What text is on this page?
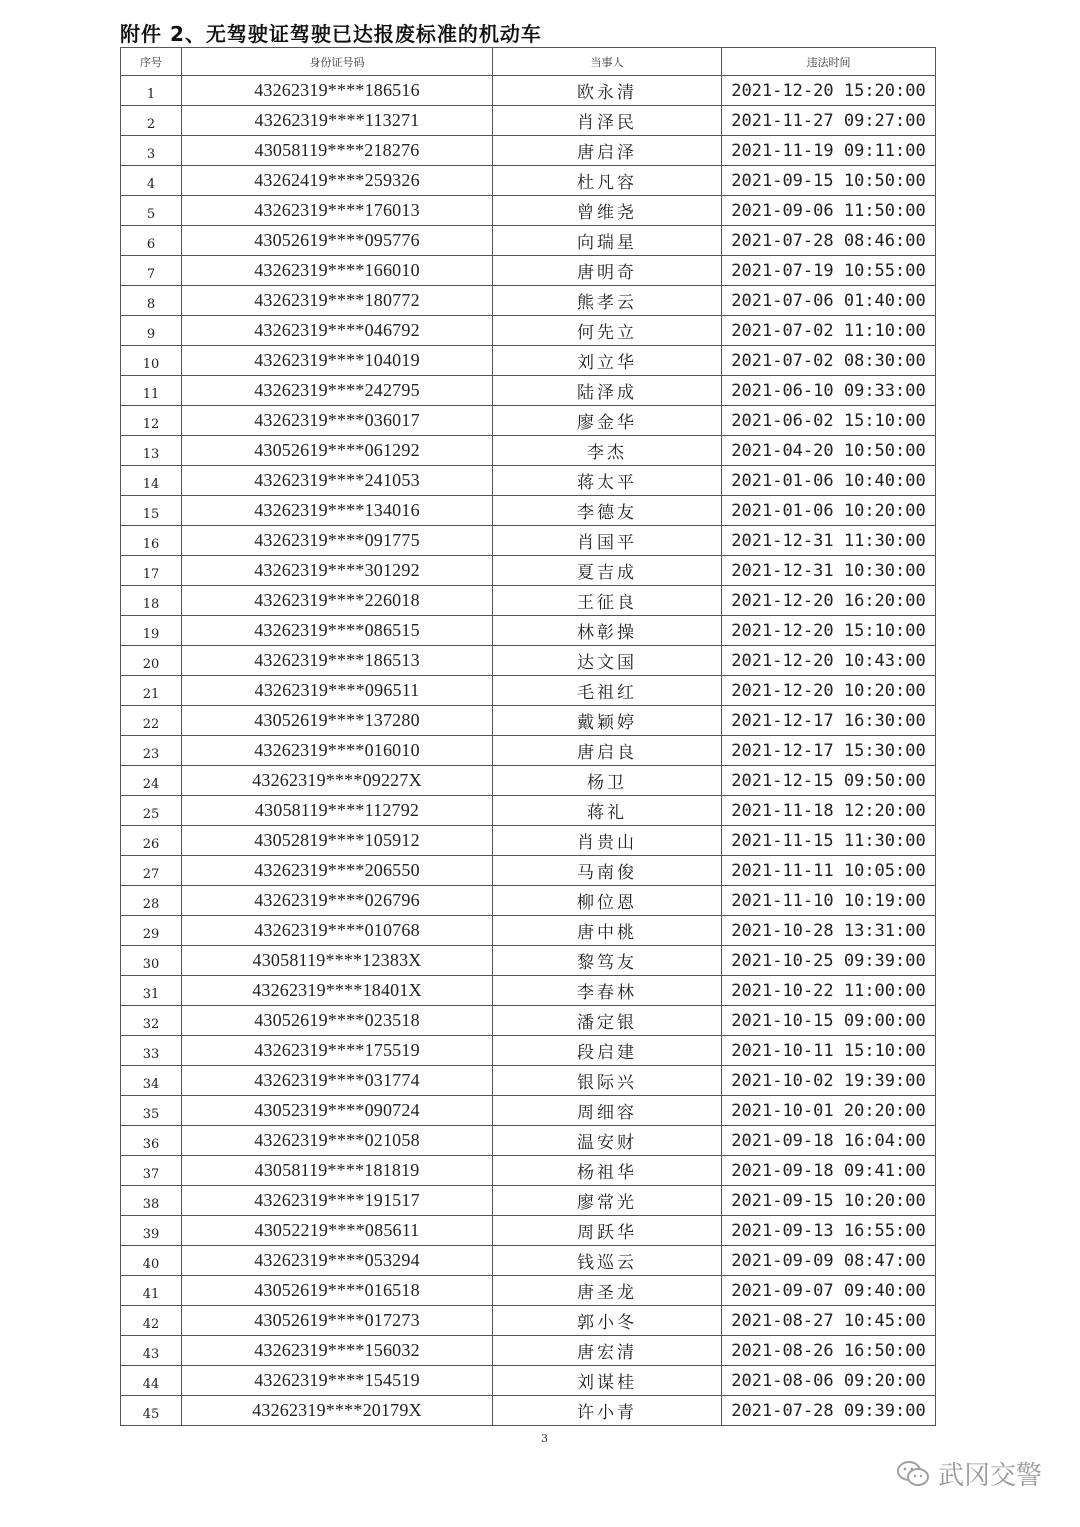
附件 2、无驾驶证驾驶已达报废标准的机动车
序号	身份证号码	当事人	违法时间
1	43262319****186516	欧永清	2021-12-20 15:20:00
2	43262319****113271	肖泽民	2021-11-27 09:27:00
3	43058119****218276	唐启泽	2021-11-19 09:11:00
4	43262419****259326	杜凡容	2021-09-15 10:50:00
5	43262319****176013	曾维尧	2021-09-06 11:50:00
6	43052619****095776	向瑞星	2021-07-28 08:46:00
7	43262319****166010	唐明奇	2021-07-19 10:55:00
8	43262319****180772	熊孝云	2021-07-06 01:40:00
9	43262319****046792	何先立	2021-07-02 11:10:00
10	43262319****104019	刘立华	2021-07-02 08:30:00
11	43262319****242795	陆泽成	2021-06-10 09:33:00
12	43262319****036017	廖金华	2021-06-02 15:10:00
13	43052619****061292	李杰	2021-04-20 10:50:00
14	43262319****241053	蒋太平	2021-01-06 10:40:00
15	43262319****134016	李德友	2021-01-06 10:20:00
16	43262319****091775	肖国平	2021-12-31 11:30:00
17	43262319****301292	夏吉成	2021-12-31 10:30:00
18	43262319****226018	王征良	2021-12-20 16:20:00
19	43262319****086515	林彰操	2021-12-20 15:10:00
20	43262319****186513	达文国	2021-12-20 10:43:00
21	43262319****096511	毛祖红	2021-12-20 10:20:00
22	43052619****137280	戴颖婷	2021-12-17 16:30:00
23	43262319****016010	唐启良	2021-12-17 15:30:00
24	43262319****09227X	杨卫	2021-12-15 09:50:00
25	43058119****112792	蒋礼	2021-11-18 12:20:00
26	43052819****105912	肖贵山	2021-11-15 11:30:00
27	43262319****206550	马南俊	2021-11-11 10:05:00
28	43262319****026796	柳位恩	2021-11-10 10:19:00
29	43262319****010768	唐中桃	2021-10-28 13:31:00
30	43058119****12383X	黎笃友	2021-10-25 09:39:00
31	43262319****18401X	李春林	2021-10-22 11:00:00
32	43052619****023518	潘定银	2021-10-15 09:00:00
33	43262319****175519	段启建	2021-10-11 15:10:00
34	43262319****031774	银际兴	2021-10-02 19:39:00
35	43052319****090724	周细容	2021-10-01 20:20:00
36	43262319****021058	温安财	2021-09-18 16:04:00
37	43058119****181819	杨祖华	2021-09-18 09:41:00
38	43262319****191517	廖常光	2021-09-15 10:20:00
39	43052219****085611	周跃华	2021-09-13 16:55:00
40	43262319****053294	钱巡云	2021-09-09 08:47:00
41	43052619****016518	唐圣龙	2021-09-07 09:40:00
42	43052619****017273	郭小冬	2021-08-27 10:45:00
43	43262319****156032	唐宏清	2021-08-26 16:50:00
44	43262319****154519	刘谋桂	2021-08-06 09:20:00
45	43262319****20179X	许小青	2021-07-28 09:39:00
3
武冈交警
